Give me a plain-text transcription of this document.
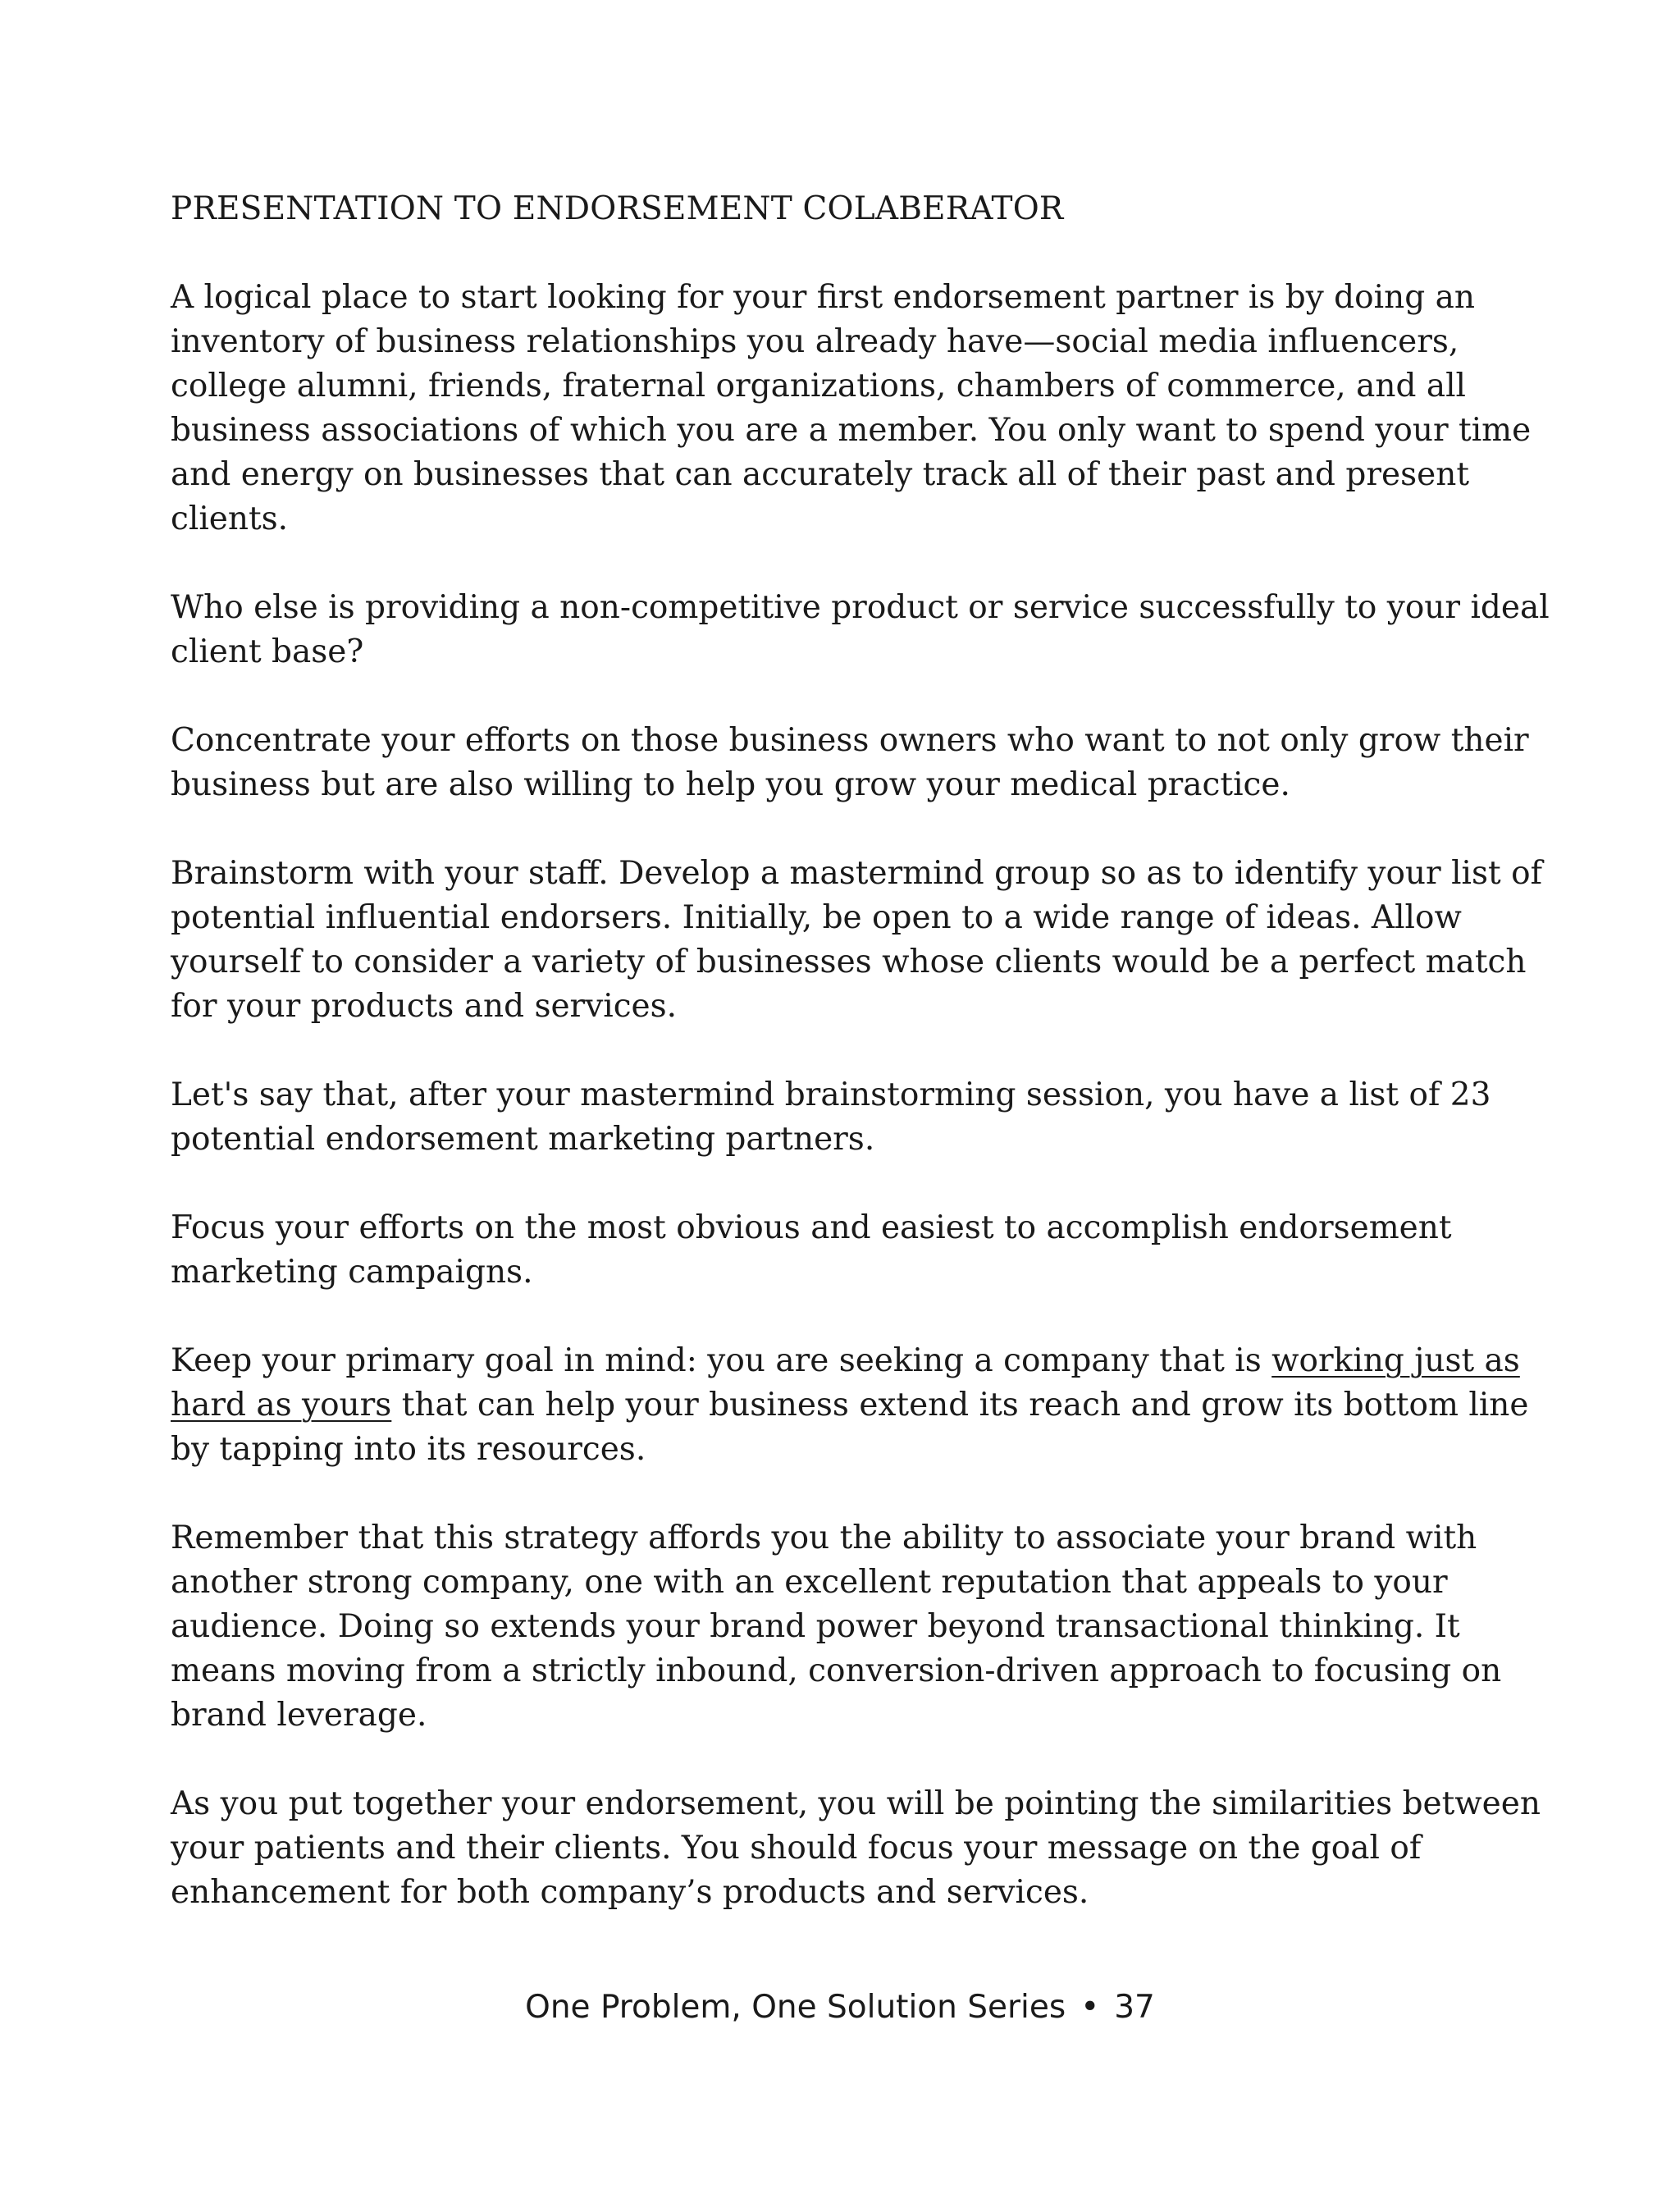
PRESENTATION TO ENDORSEMENT COLABERATOR

A logical place to start looking for your first endorsement partner is by doing an inventory of business relationships you already have—social media influencers, college alumni, friends, fraternal organizations, chambers of commerce, and all business associations of which you are a member. You only want to spend your time and energy on businesses that can accurately track all of their past and present clients.

Who else is providing a non-competitive product or service successfully to your ideal client base?

Concentrate your efforts on those business owners who want to not only grow their business but are also willing to help you grow your medical practice.

Brainstorm with your staff. Develop a mastermind group so as to identify your list of potential influential endorsers. Initially, be open to a wide range of ideas. Allow yourself to consider a variety of businesses whose clients would be a perfect match for your products and services.

Let's say that, after your mastermind brainstorming session, you have a list of 23 potential endorsement marketing partners.

Focus your efforts on the most obvious and easiest to accomplish endorsement marketing campaigns.

Keep your primary goal in mind: you are seeking a company that is working just as hard as yours that can help your business extend its reach and grow its bottom line by tapping into its resources.

Remember that this strategy affords you the ability to associate your brand with another strong company, one with an excellent reputation that appeals to your audience. Doing so extends your brand power beyond transactional thinking. It means moving from a strictly inbound, conversion-driven approach to focusing on brand leverage.

As you put together your endorsement, you will be pointing the similarities between your patients and their clients. You should focus your message on the goal of enhancement for both company’s products and services.

One Problem, One Solution Series • 37
